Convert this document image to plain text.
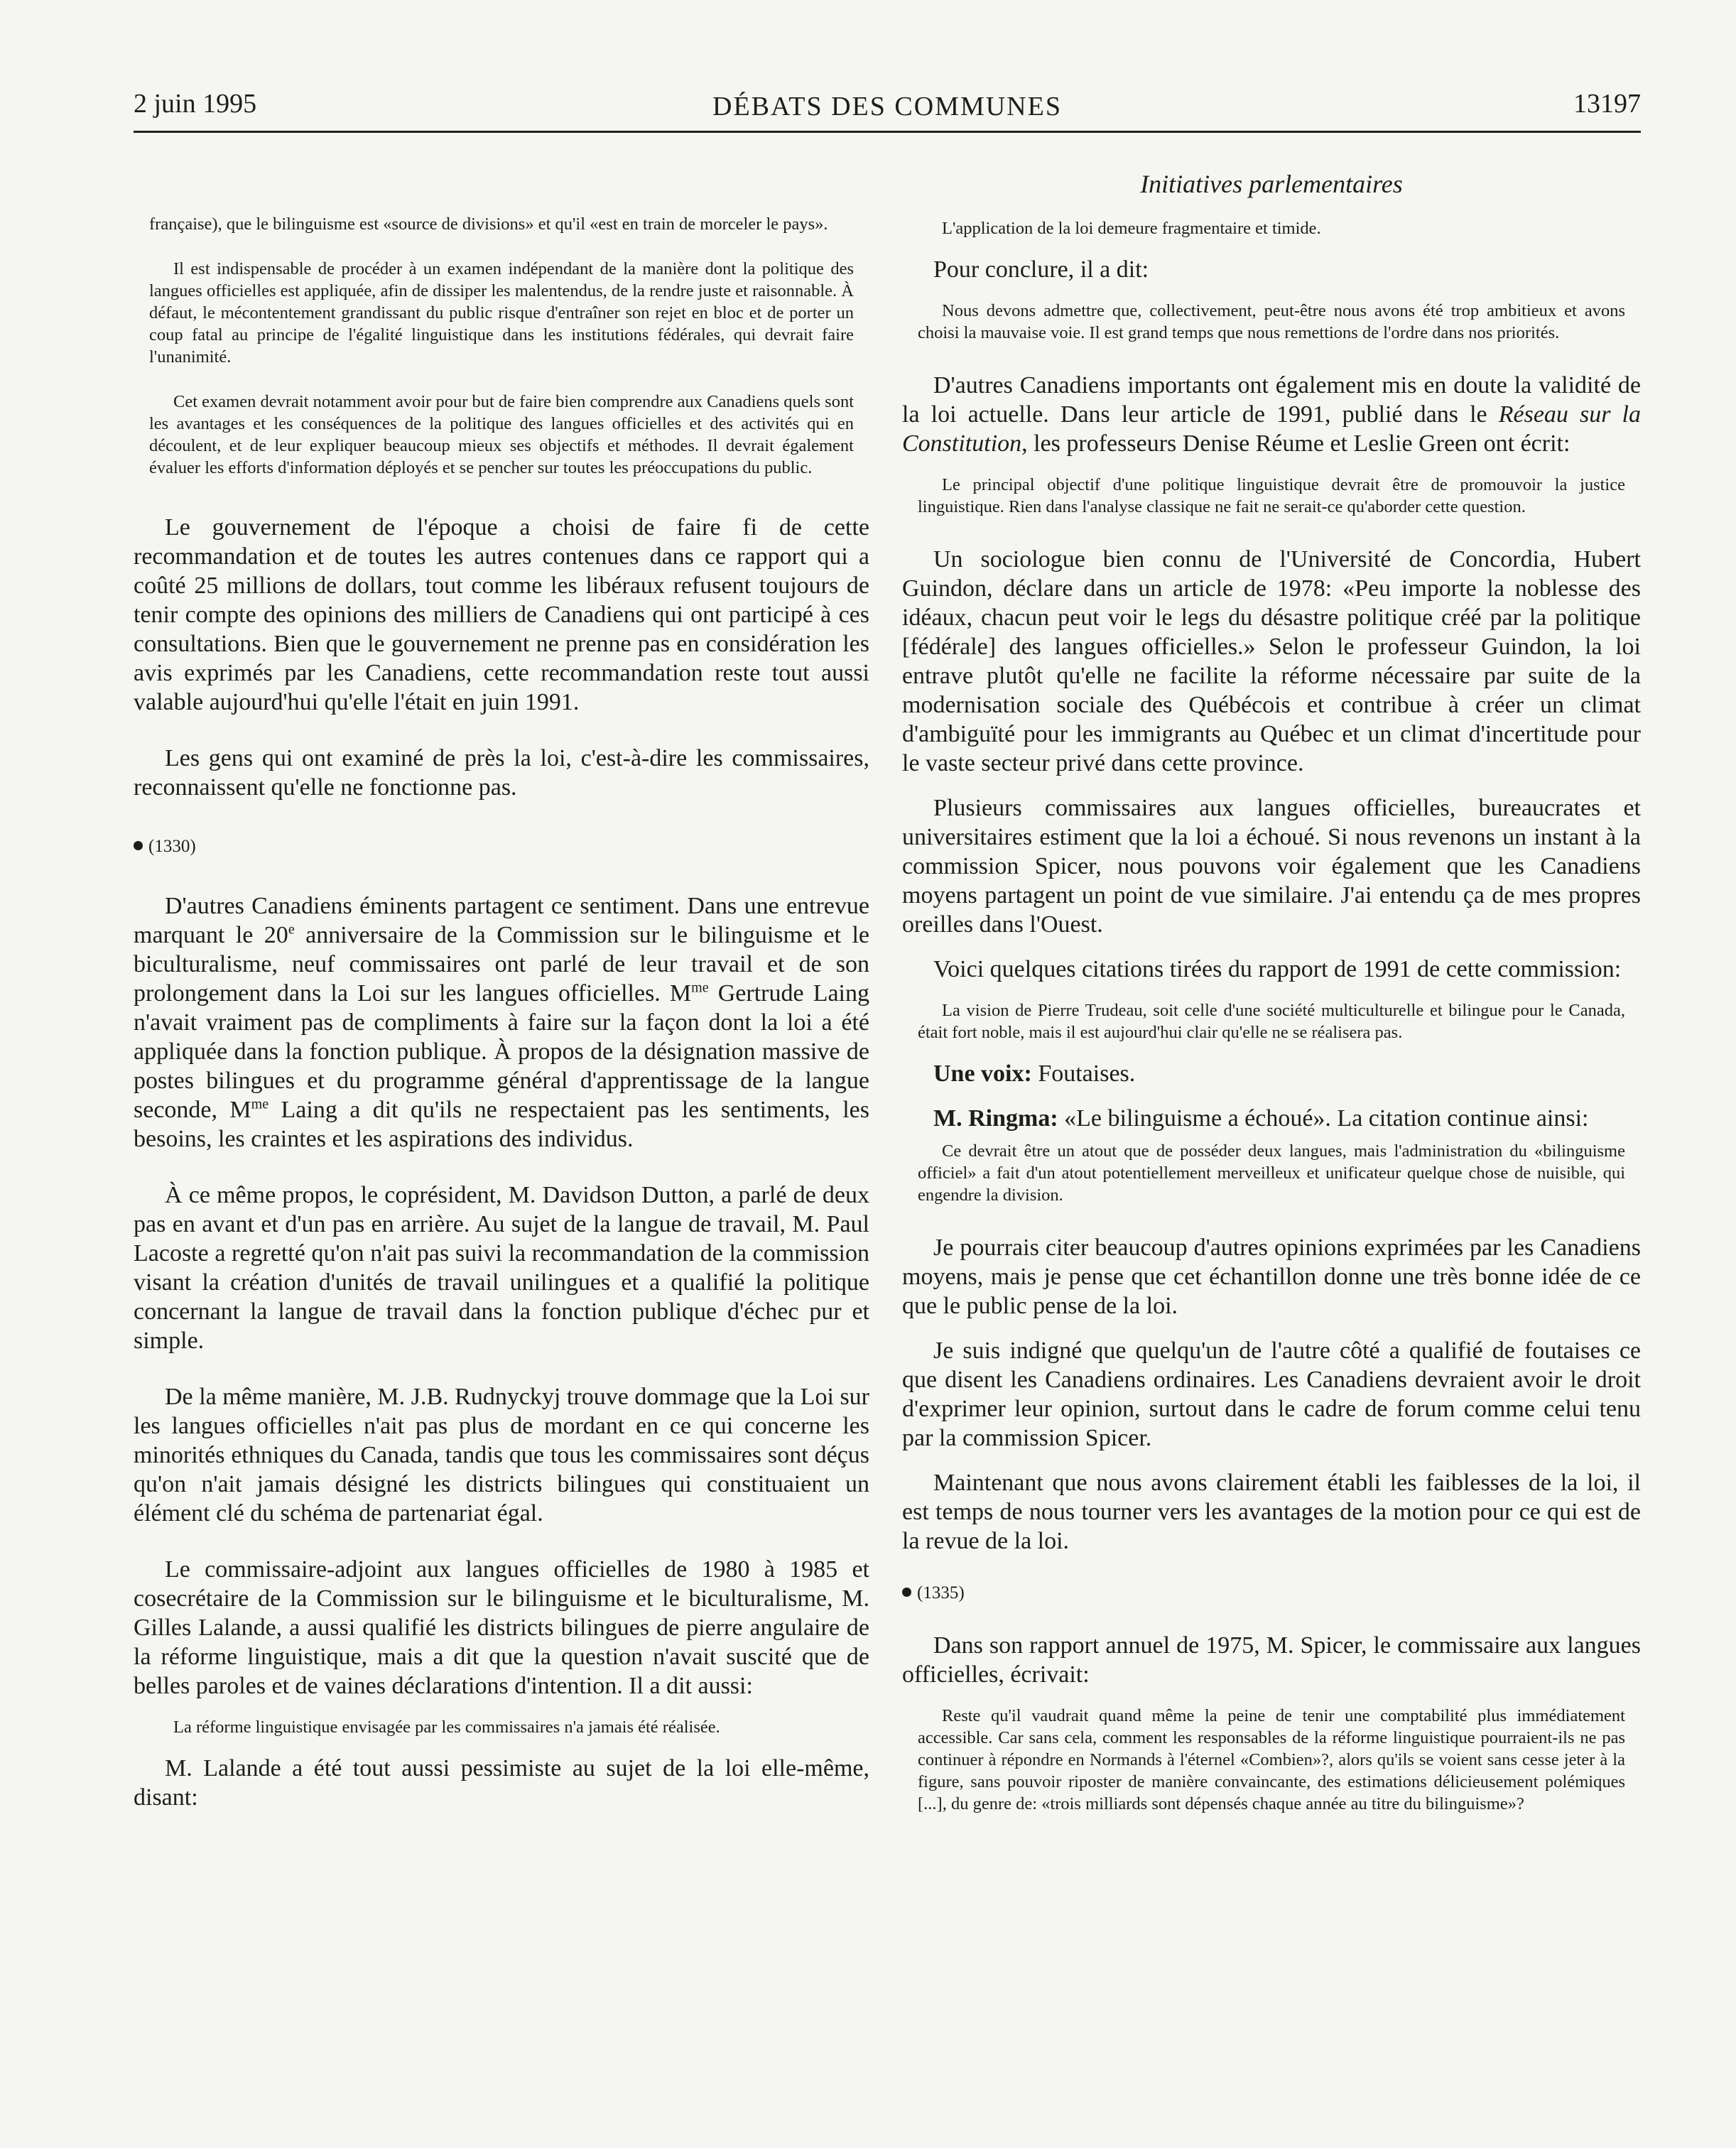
2 juin 1995	DÉBATS DES COMMUNES	13197
française), que le bilinguisme est «source de divisions» et qu'il «est en train de morceler le pays».
Il est indispensable de procéder à un examen indépendant de la manière dont la politique des langues officielles est appliquée, afin de dissiper les malentendus, de la rendre juste et raisonnable. À défaut, le mécontentement grandissant du public risque d'entraîner son rejet en bloc et de porter un coup fatal au principe de l'égalité linguistique dans les institutions fédérales, qui devrait faire l'unanimité.
Cet examen devrait notamment avoir pour but de faire bien comprendre aux Canadiens quels sont les avantages et les conséquences de la politique des langues officielles et des activités qui en découlent, et de leur expliquer beaucoup mieux ses objectifs et méthodes. Il devrait également évaluer les efforts d'information déployés et se pencher sur toutes les préoccupations du public.

Le gouvernement de l'époque a choisi de faire fi de cette recommandation et de toutes les autres contenues dans ce rapport qui a coûté 25 millions de dollars, tout comme les libéraux refusent toujours de tenir compte des opinions des milliers de Canadiens qui ont participé à ces consultations. Bien que le gouvernement ne prenne pas en considération les avis exprimés par les Canadiens, cette recommandation reste tout aussi valable aujourd'hui qu'elle l'était en juin 1991.

Les gens qui ont examiné de près la loi, c'est-à-dire les commissaires, reconnaissent qu'elle ne fonctionne pas.

(1330)

D'autres Canadiens éminents partagent ce sentiment. Dans une entrevue marquant le 20e anniversaire de la Commission sur le bilinguisme et le biculturalisme, neuf commissaires ont parlé de leur travail et de son prolongement dans la Loi sur les langues officielles. $M^{me}$ Gertrude Laing n'avait vraiment pas de compliments à faire sur la façon dont la loi a été appliquée dans la fonction publique. À propos de la désignation massive de postes bilingues et du programme général d'apprentissage de la langue seconde, $M^{me}$ Laing a dit qu'ils ne respectaient pas les sentiments, les besoins, les craintes et les aspirations des individus.

À ce même propos, le coprésident, M. Davidson Dutton, a parlé de deux pas en avant et d'un pas en arrière. Au sujet de la langue de travail, M. Paul Lacoste a regretté qu'on n'ait pas suivi la recommandation de la commission visant la création d'unités de travail unilingues et a qualifié la politique concernant la langue de travail dans la fonction publique d'échec pur et simple.

De la même manière, M. J.B. Rudnyckyj trouve dommage que la Loi sur les langues officielles n'ait pas plus de mordant en ce qui concerne les minorités ethniques du Canada, tandis que tous les commissaires sont déçus qu'on n'ait jamais désigné les districts bilingues qui constituaient un élément clé du schéma de partenariat égal.

Le commissaire-adjoint aux langues officielles de 1980 à 1985 et cosecrétaire de la Commission sur le bilinguisme et le biculturalisme, M. Gilles Lalande, a aussi qualifié les districts bilingues de pierre angulaire de la réforme linguistique, mais a dit que la question n'avait suscité que de belles paroles et de vaines déclarations d'intention. Il a dit aussi:

La réforme linguistique envisagée par les commissaires n'a jamais été réalisée.

M. Lalande a été tout aussi pessimiste au sujet de la loi elle-même, disant:

Initiatives parlementaires
L'application de la loi demeure fragmentaire et timide.

Pour conclure, il a dit:

Nous devons admettre que, collectivement, peut-être nous avons été trop ambitieux et avons choisi la mauvaise voie. Il est grand temps que nous remettions de l'ordre dans nos priorités.

D'autres Canadiens importants ont également mis en doute la validité de la loi actuelle. Dans leur article de 1991, publié dans le Réseau sur la Constitution, les professeurs Denise Réume et Leslie Green ont écrit:

Le principal objectif d'une politique linguistique devrait être de promouvoir la justice linguistique. Rien dans l'analyse classique ne fait ne serait-ce qu'aborder cette question.

Un sociologue bien connu de l'Université de Concordia, Hubert Guindon, déclare dans un article de 1978: «Peu importe la noblesse des idéaux, chacun peut voir le legs du désastre politique créé par la politique [fédérale] des langues officielles.» Selon le professeur Guindon, la loi entrave plutôt qu'elle ne facilite la réforme nécessaire par suite de la modernisation sociale des Québécois et contribue à créer un climat d'ambiguïté pour les immigrants au Québec et un climat d'incertitude pour le vaste secteur privé dans cette province.

Plusieurs commissaires aux langues officielles, bureaucrates et universitaires estiment que la loi a échoué. Si nous revenons un instant à la commission Spicer, nous pouvons voir également que les Canadiens moyens partagent un point de vue similaire. J'ai entendu ça de mes propres oreilles dans l'Ouest.

Voici quelques citations tirées du rapport de 1991 de cette commission:

La vision de Pierre Trudeau, soit celle d'une société multiculturelle et bilingue pour le Canada, était fort noble, mais il est aujourd'hui clair qu'elle ne se réalisera pas.

Une voix: Foutaises.

M. Ringma: «Le bilinguisme a échoué». La citation continue ainsi:

Ce devrait être un atout que de posséder deux langues, mais l'administration du «bilinguisme officiel» a fait d'un atout potentiellement merveilleux et unificateur quelque chose de nuisible, qui engendre la division.

Je pourrais citer beaucoup d'autres opinions exprimées par les Canadiens moyens, mais je pense que cet échantillon donne une très bonne idée de ce que le public pense de la loi.

Je suis indigné que quelqu'un de l'autre côté a qualifié de foutaises ce que disent les Canadiens ordinaires. Les Canadiens devraient avoir le droit d'exprimer leur opinion, surtout dans le cadre de forum comme celui tenu par la commission Spicer.

Maintenant que nous avons clairement établi les faiblesses de la loi, il est temps de nous tourner vers les avantages de la motion pour ce qui est de la revue de la loi.

(1335)

Dans son rapport annuel de 1975, M. Spicer, le commissaire aux langues officielles, écrivait:

Reste qu'il vaudrait quand même la peine de tenir une comptabilité plus immédiatement accessible. Car sans cela, comment les responsables de la réforme linguistique pourraient-ils ne pas continuer à répondre en Normands à l'éternel «Combien»?, alors qu'ils se voient sans cesse jeter à la figure, sans pouvoir riposter de manière convaincante, des estimations délicieusement polémiques [...], du genre de: «trois milliards sont dépensés chaque année au titre du bilinguisme»?
